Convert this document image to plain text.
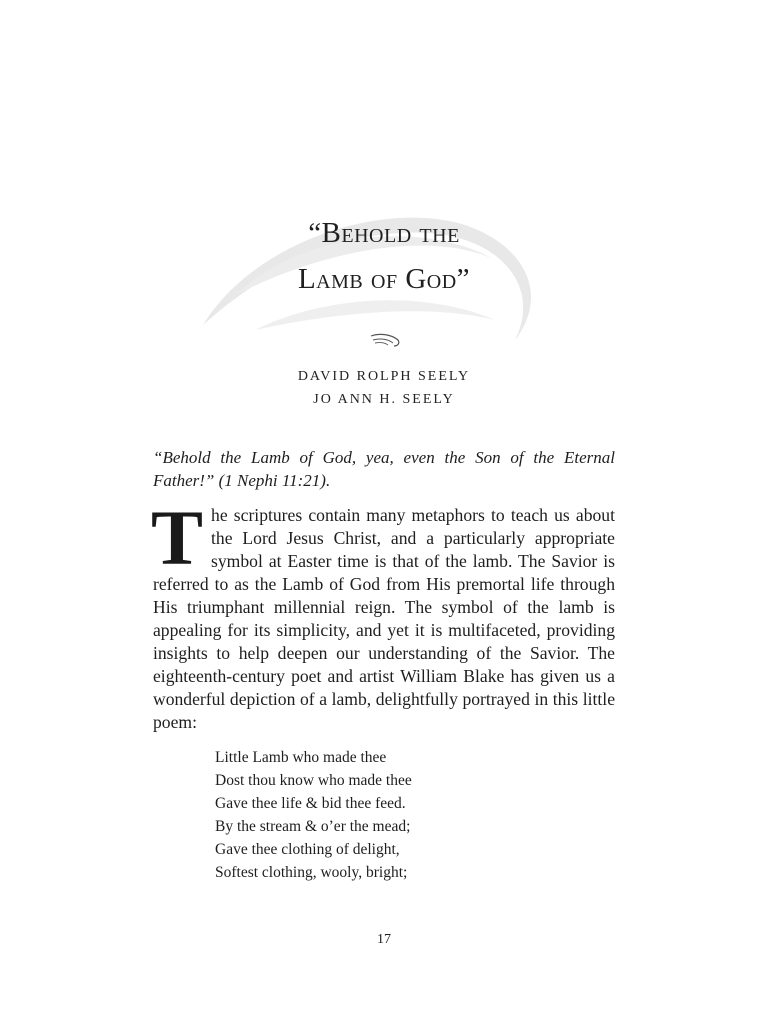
“Behold the
Lamb of God”
DAVID ROLPH SEELY
JO ANN H. SEELY
“Behold the Lamb of God, yea, even the Son of the Eternal Father!” (1 Nephi 11:21).
The scriptures contain many metaphors to teach us about the Lord Jesus Christ, and a particularly appropriate symbol at Easter time is that of the lamb. The Savior is referred to as the Lamb of God from His premortal life through His triumphant millennial reign. The symbol of the lamb is appealing for its simplicity, and yet it is multifaceted, providing insights to help deepen our understanding of the Savior. The eighteenth-century poet and artist William Blake has given us a wonderful depiction of a lamb, delightfully portrayed in this little poem:
Little Lamb who made thee
Dost thou know who made thee
Gave thee life & bid thee feed.
By the stream & o’er the mead;
Gave thee clothing of delight,
Softest clothing, wooly, bright;
17
